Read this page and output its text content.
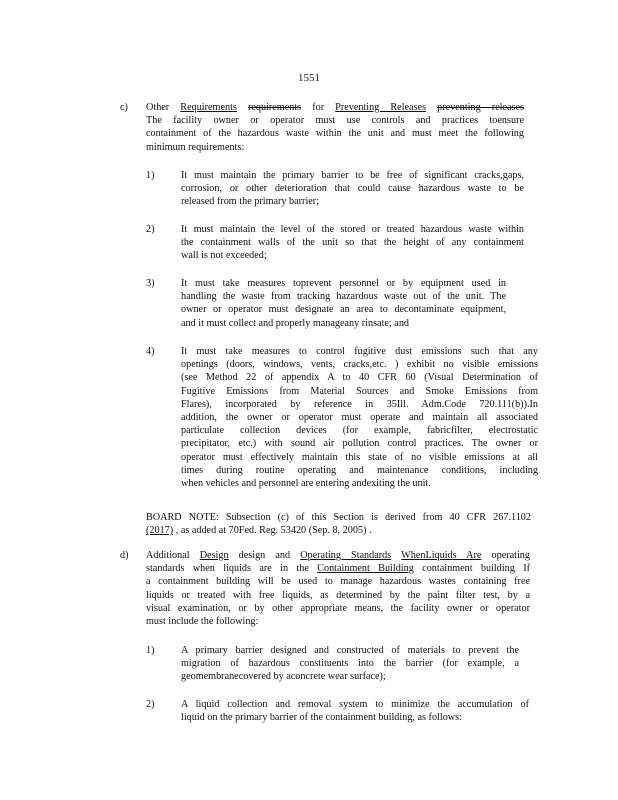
1551
c) Other Requirements requirements for Preventing Releases preventing releases
The facility owner or operator must use controls and practices toensure
containment of the hazardous waste within the unit and must meet the following
minimum requirements:
1)	It must maintain the primary barrier to be free of significant cracks,gaps,
corrosion, or other deterioration that could cause hazardous waste to be
released from the primary barrier;
2)	It must maintain the level of the stored or treated hazardous waste within
the containment walls of the unit so that the height of any containment
wall is not exceeded;
3)	It must take measures toprevent personnel or by equipment used in
handling the waste from tracking hazardous waste out of the unit. The
owner or operator must designate an area to decontaminate equipment,
and it must collect and properly manageany rinsate; and
4)	It must take measures to control fugitive dust emissions such that any
openings (doors, windows, vents, cracks,etc. ) exhibit no visible emissions
(see Method 22 of appendix A to 40 CFR 60 (Visual Determination of
Fugitive Emissions from Material Sources and Smoke Emissions from
Flares), incorporated by reference in 35Ill. Adm.Code 720.111(b)).In
addition, the owner or operator must operate and maintain all associated
particulate collection devices (for example, fabricfilter, electrostatic
precipitator, etc.) with sound air pollution control practices. The owner or
operator must effectively maintain this state of no visible emissions at all
times during routine operating and maintenance conditions, including
when vehicles and personnel are entering andexiting the unit.
BOARD NOTE: Subsection (c) of this Section is derived from 40 CFR 267.1102
(2017) , as added at 70Fed. Reg. 53420 (Sep. 8, 2005) .
d) Additional Design design and Operating Standards WhenLiquids Are operating
standards when liquids are in the Containment Building containment building If
a containment building will be used to manage hazardous wastes containing free
liquids or treated with free liquids, as determined by the paint filter test, by a
visual examination, or by other appropriate means, the facility owner or operator
must include the following:
1)	A primary barrier designed and constructed of materials to prevent the
migration of hazardous constituents into the barrier (for example, a
geomembranecovered by aconcrete wear surface);
2)	A liquid collection and removal system to minimize the accumulation of
liquid on the primary barrier of the containment building, as follows:
